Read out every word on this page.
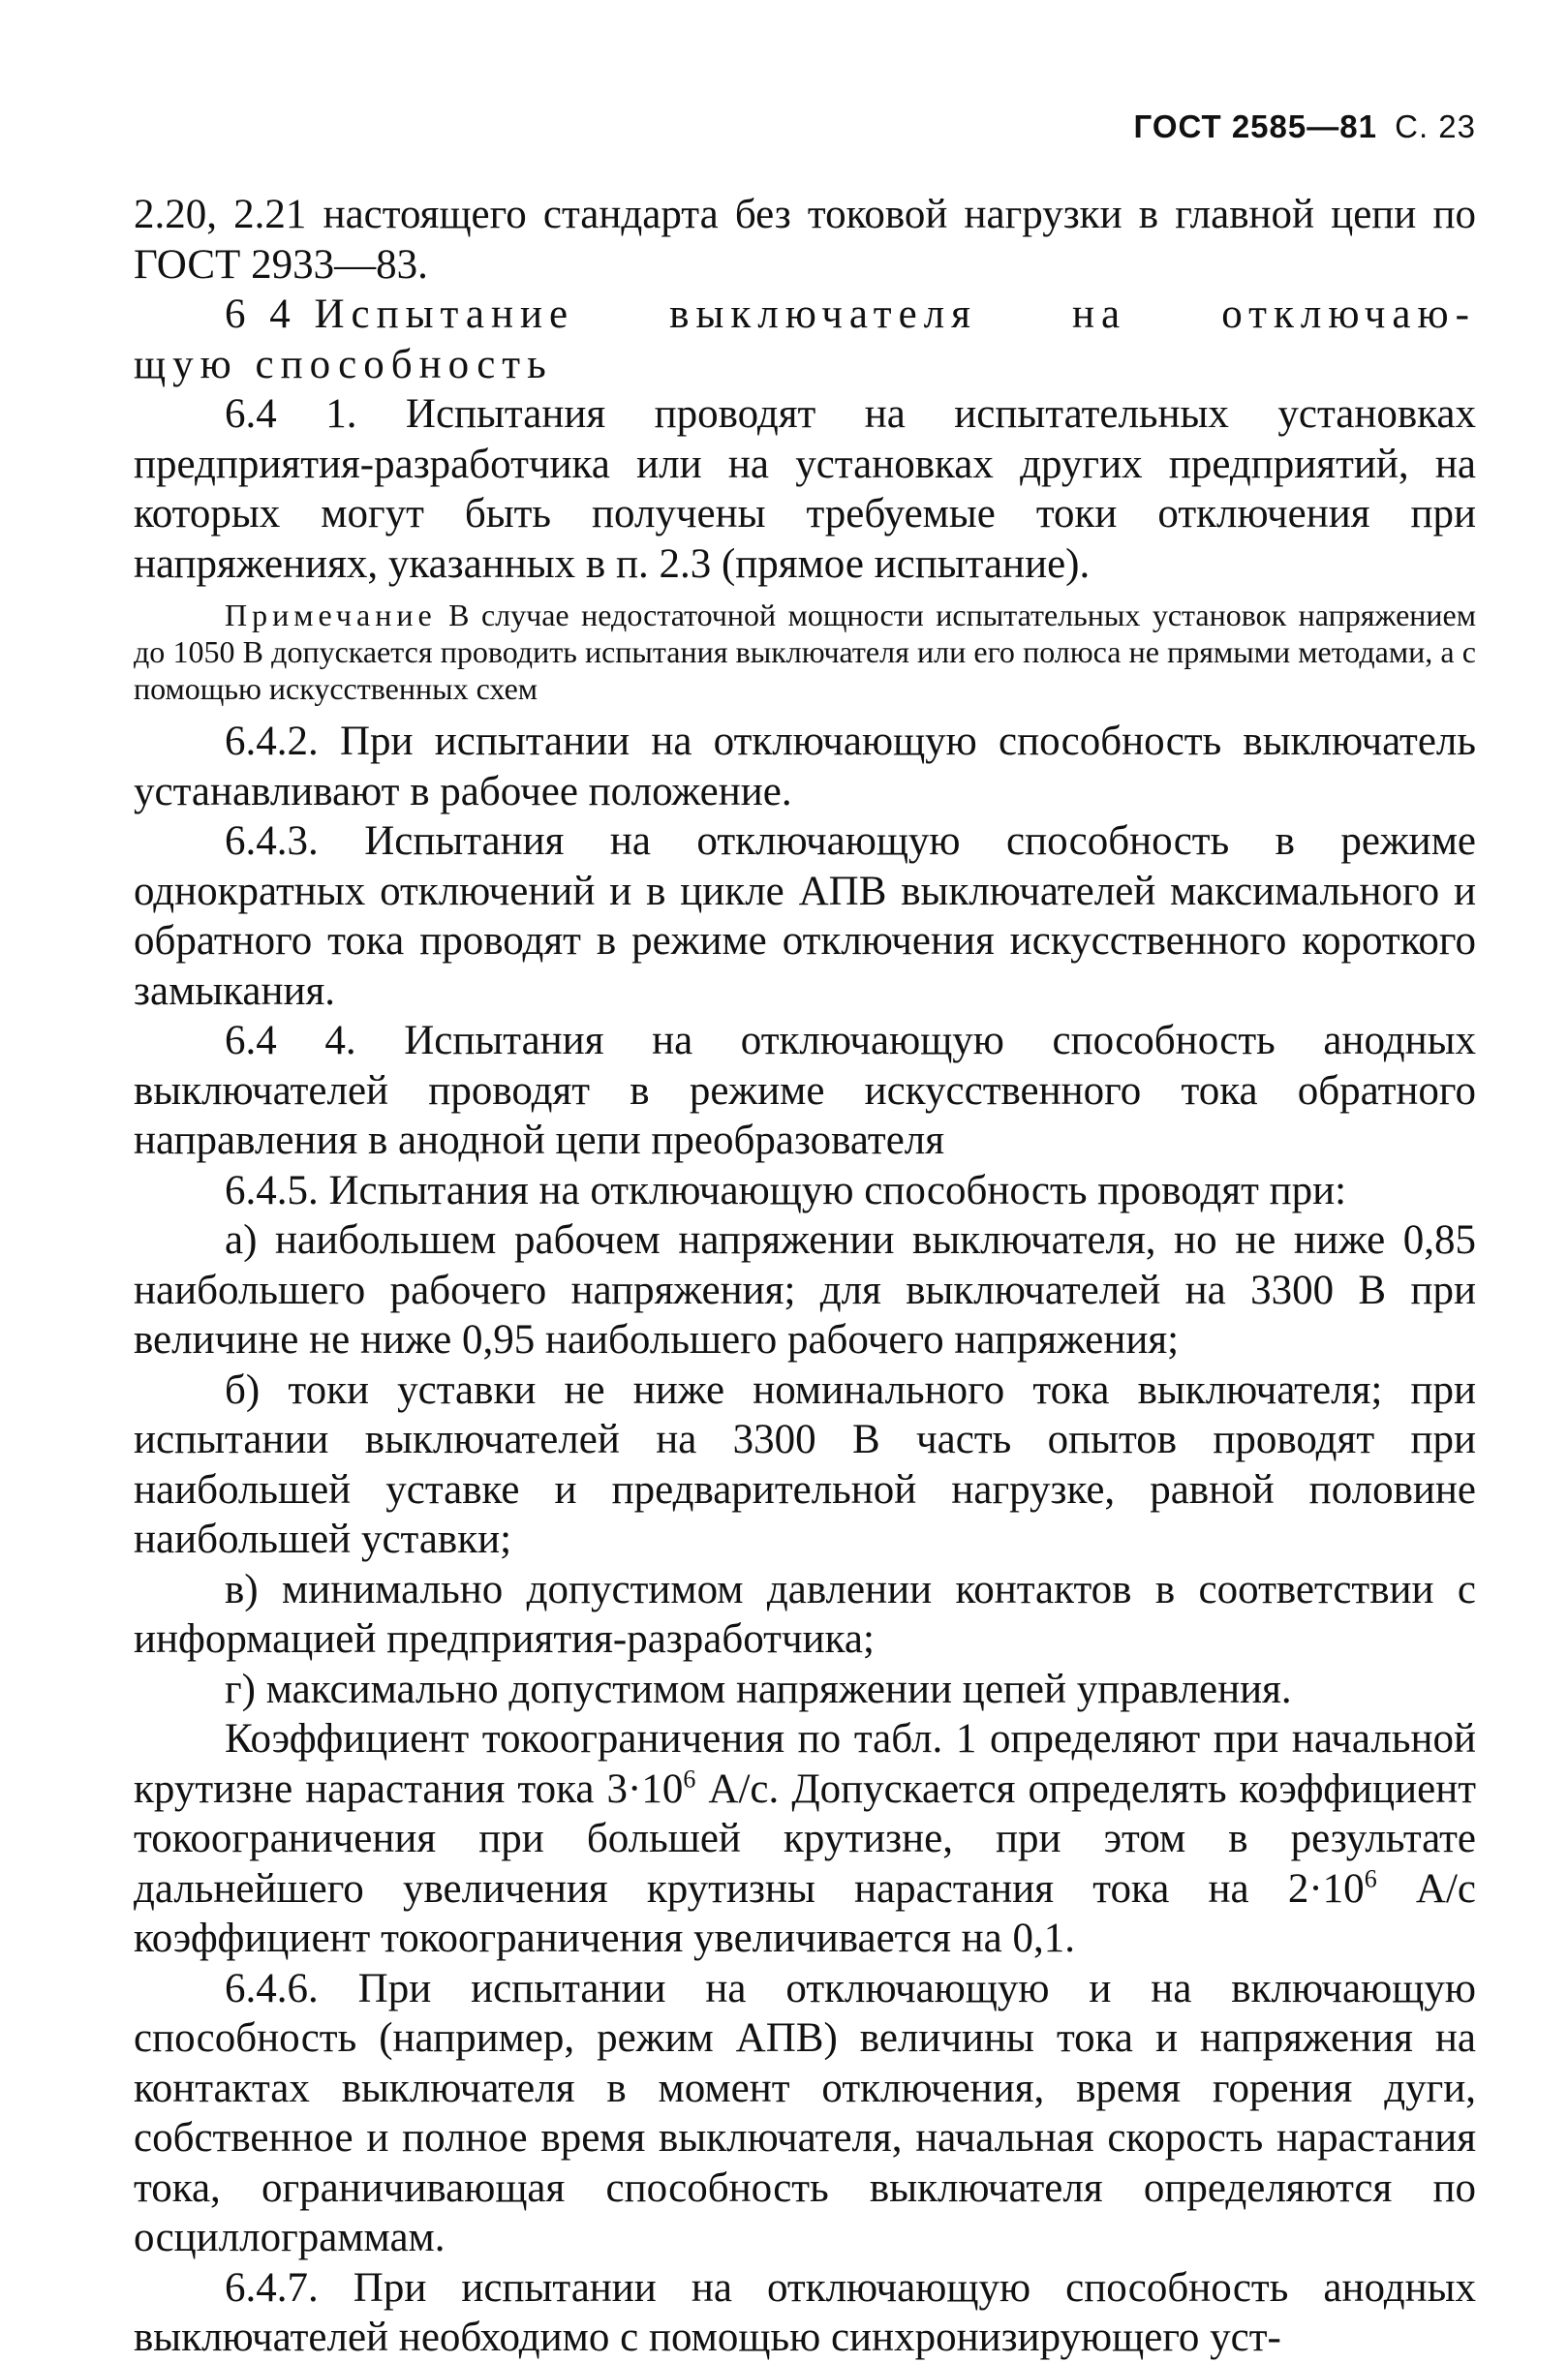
ГОСТ 2585—81 С. 23

2.20, 2.21 настоящего стандарта без токовой нагрузки в главной цепи по ГОСТ 2933—83.

6 4 Испытание выключателя на отключаю-

щую способность

6.4 1. Испытания проводят на испытательных установках предприятия-разработчика или на установках других предприятий, на которых могут быть получены требуемые токи отключения при напряжениях, указанных в п. 2.3 (прямое испытание).

Примечание В случае недостаточной мощности испытательных установок напряжением до 1050 В допускается проводить испытания выключателя или его полюса не прямыми методами, а с помощью искусственных схем

6.4.2. При испытании на отключающую способность выключатель устанавливают в рабочее положение.

6.4.3. Испытания на отключающую способность в режиме однократных отключений и в цикле АПВ выключателей максимального и обратного тока проводят в режиме отключения искусственного короткого замыкания.

6.4 4. Испытания на отключающую способность анодных выключателей проводят в режиме искусственного тока обратного направления в анодной цепи преобразователя

6.4.5. Испытания на отключающую способность проводят при:

а) наибольшем рабочем напряжении выключателя, но не ниже 0,85 наибольшего рабочего напряжения; для выключателей на 3300 В при величине не ниже 0,95 наибольшего рабочего напряжения;

б) токи уставки не ниже номинального тока выключателя; при испытании выключателей на 3300 В часть опытов проводят при наибольшей уставке и предварительной нагрузке, равной половине наибольшей уставки;

в) минимально допустимом давлении контактов в соответствии с информацией предприятия-разработчика;

г) максимально допустимом напряжении цепей управления.

Коэффициент токоограничения по табл. 1 определяют при начальной крутизне нарастания тока $3\cdot 10^6$ А/с. Допускается определять коэффициент токоограничения при большей крутизне, при этом в результате дальнейшего увеличения крутизны нарастания тока на $2\cdot 10^6$ А/с коэффициент токоограничения увеличивается на 0,1.

6.4.6. При испытании на отключающую и на включающую способность (например, режим АПВ) величины тока и напряжения на контактах выключателя в момент отключения, время горения дуги, собственное и полное время выключателя, начальная скорость нарастания тока, ограничивающая способность выключателя определяются по осциллограммам.

6.4.7. При испытании на отключающую способность анодных выключателей необходимо с помощью синхронизирующего уст-
